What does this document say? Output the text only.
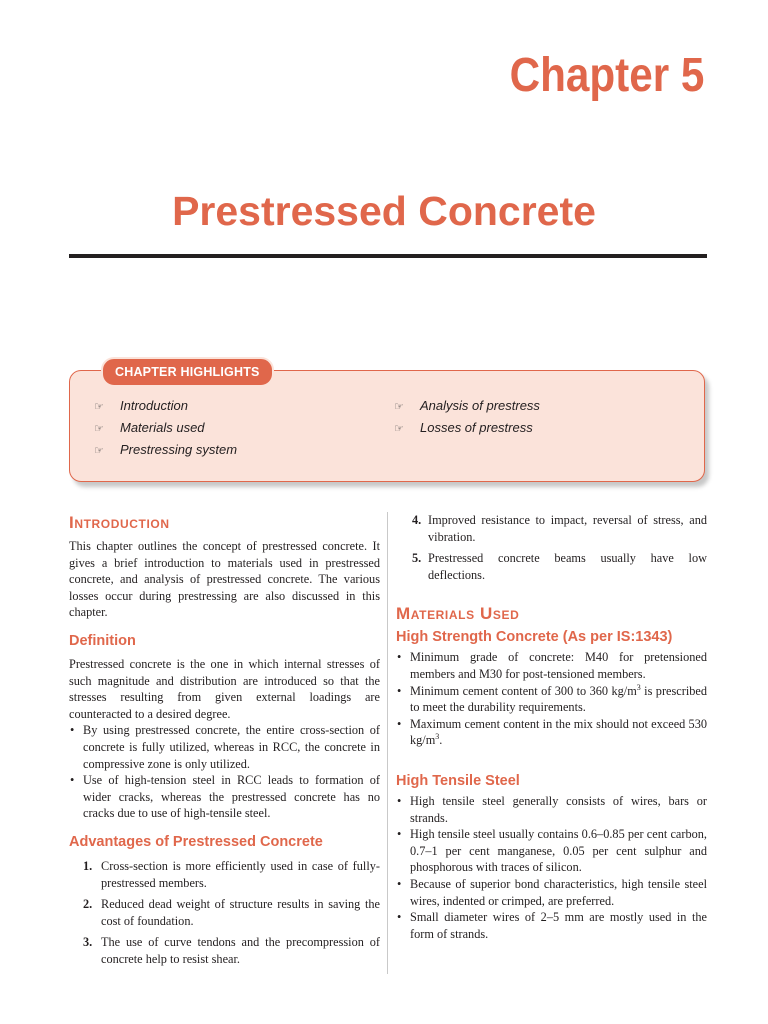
Chapter 5
Prestressed Concrete
☞ Introduction
☞ Materials used
☞ Prestressing system
☞ Analysis of prestress
☞ Losses of prestress
CHAPTER HIGHLIGHTS
Introduction

This chapter outlines the concept of prestressed concrete. It gives a brief introduction to materials used in prestressed concrete, and analysis of prestressed concrete. The various losses occur during prestressing are also discussed in this chapter.

Definition

Prestressed concrete is the one in which internal stresses of such magnitude and distribution are introduced so that the stresses resulting from given external loadings are counteracted to a desired degree.

• By using prestressed concrete, the entire cross-section of concrete is fully utilized, whereas in RCC, the concrete in compressive zone is only utilized.
• Use of high-tension steel in RCC leads to formation of wider cracks, whereas the prestressed concrete has no cracks due to use of high-tensile steel.
Advantages of Prestressed Concrete
1. Cross-section is more efficiently used in case of fully-prestressed members.
2. Reduced dead weight of structure results in saving the cost of foundation.
3. The use of curve tendons and the precompression of concrete help to resist shear.
4. Improved resistance to impact, reversal of stress, and vibration.
5. Prestressed concrete beams usually have low deflections.
Materials Used
High Strength Concrete (As per IS:1343)
• Minimum grade of concrete: M40 for pretensioned members and M30 for post-tensioned members.
• Minimum cement content of 300 to 360 $kg/m^3$ is prescribed to meet the durability requirements.
• Maximum cement content in the mix should not exceed 530 $kg/m^3$.
High Tensile Steel
• High tensile steel generally consists of wires, bars or strands.
• High tensile steel usually contains 0.6–0.85 per cent carbon, 0.7–1 per cent manganese, 0.05 per cent sulphur and phosphorous with traces of silicon.
• Because of superior bond characteristics, high tensile steel wires, indented or crimped, are preferred.
• Small diameter wires of 2–5 mm are mostly used in the form of strands.
